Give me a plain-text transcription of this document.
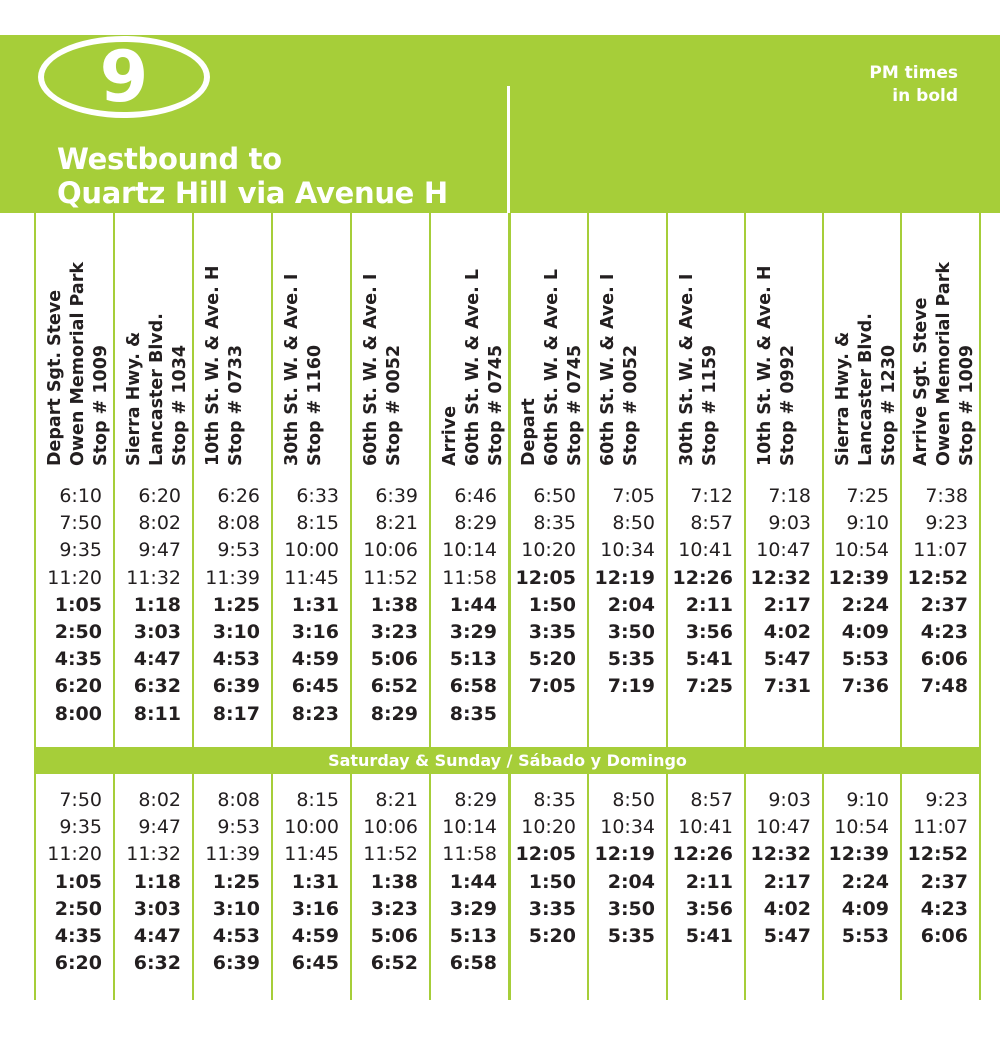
9
Westbound to
Quartz Hill via Avenue H
PM times
in bold
Depart Sgt. Steve Owen Memorial Park Stop # 1009 Sierra Hwy. & Lancaster Blvd. Stop # 1034 10th St. W. & Ave. H Stop # 0733 30th St. W. & Ave. I Stop # 1160 60th St. W. & Ave. I Stop # 0052 Arrive 60th St. W. & Ave. L Stop # 0745 Depart 60th St. W. & Ave. L Stop # 0745 60th St. W. & Ave. I Stop # 0052 30th St. W. & Ave. I Stop # 1159 10th St. W. & Ave. H Stop # 0992 Sierra Hwy. & Lancaster Blvd. Stop # 1230 Arrive Sgt. Steve Owen Memorial Park Stop # 1009
6:10
7:50
9:35
11:20
1:05
2:50
4:35
6:20
8:00
6:20
8:02
9:47
11:32
1:18
3:03
4:47
6:32
8:11
6:26
8:08
9:53
11:39
1:25
3:10
4:53
6:39
8:17
6:33
8:15
10:00
11:45
1:31
3:16
4:59
6:45
8:23
6:39
8:21
10:06
11:52
1:38
3:23
5:06
6:52
8:29
6:46
8:29
10:14
11:58
1:44
3:29
5:13
6:58
8:35
6:50
8:35
10:20
12:05
1:50
3:35
5:20
7:05
7:05
8:50
10:34
12:19
2:04
3:50
5:35
7:19
7:12
8:57
10:41
12:26
2:11
3:56
5:41
7:25
7:18
9:03
10:47
12:32
2:17
4:02
5:47
7:31
7:25
9:10
10:54
12:39
2:24
4:09
5:53
7:36
7:38
9:23
11:07
12:52
2:37
4:23
6:06
7:48
7:50
9:35
11:20
1:05
2:50
4:35
6:20
8:02
9:47
11:32
1:18
3:03
4:47
6:32
8:08
9:53
11:39
1:25
3:10
4:53
6:39
8:15
10:00
11:45
1:31
3:16
4:59
6:45
8:21
10:06
11:52
1:38
3:23
5:06
6:52
8:29
10:14
11:58
1:44
3:29
5:13
6:58
8:35
10:20
12:05
1:50
3:35
5:20
8:50
10:34
12:19
2:04
3:50
5:35
8:57
10:41
12:26
2:11
3:56
5:41
9:03
10:47
12:32
2:17
4:02
5:47
9:10
10:54
12:39
2:24
4:09
5:53
9:23
11:07
12:52
2:37
4:23
6:06
Saturday & Sunday / Sábado y Domingo
